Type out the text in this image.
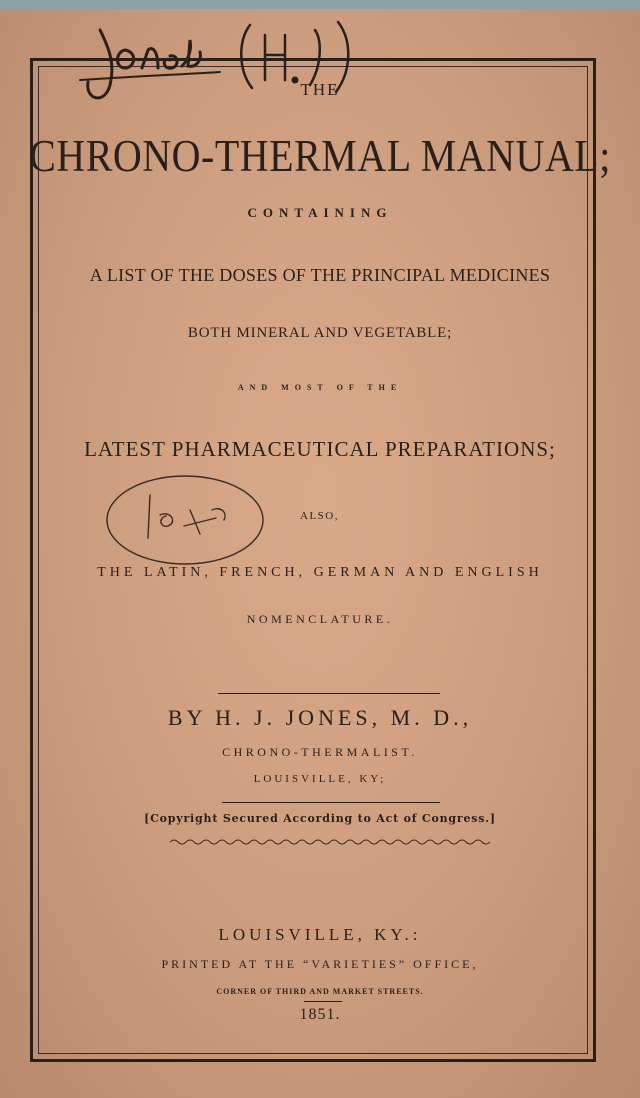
THE
CHRONO-THERMAL MANUAL;
CONTAINING
A LIST OF THE DOSES OF THE PRINCIPAL MEDICINES
BOTH MINERAL AND VEGETABLE;
AND MOST OF THE
LATEST PHARMACEUTICAL PREPARATIONS;
ALSO,
THE LATIN, FRENCH, GERMAN AND ENGLISH
NOMENCLATURE.
BY H. J. JONES, M. D.,
CHRONO-THERMALIST.
LOUISVILLE, KY;
[Copyright Secured According to Act of Congress.]
LOUISVILLE, KY.:
PRINTED AT THE “VARIETIES” OFFICE,
CORNER OF THIRD AND MARKET STREETS.
1851.
